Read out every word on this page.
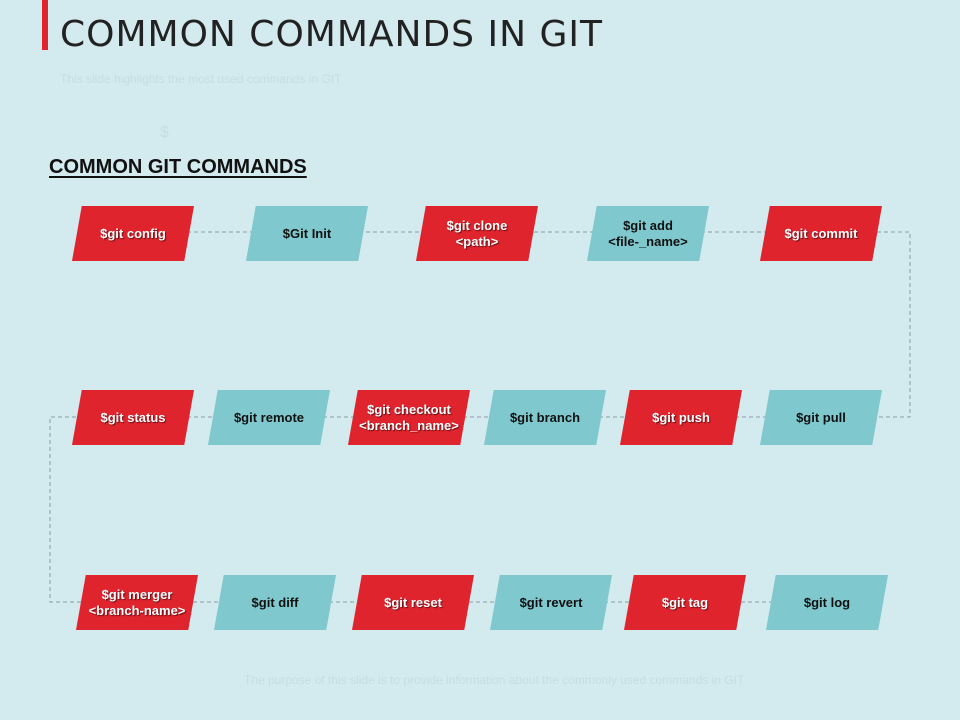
COMMON COMMANDS IN GIT
This slide highlights the most used commands in GIT
$
COMMON GIT COMMANDS
$git config	$Git Init
$git clone
<path>
$git add
<file-_name>
$git commit
$git status	$git remote
$git checkout
<branch_name>
$git branch	$git push	$git pull
$git merger
<branch-name>
$git diff	$git reset	$git revert	$git tag	$git log
The purpose of this slide is to provide information about the commonly used commands in GIT
